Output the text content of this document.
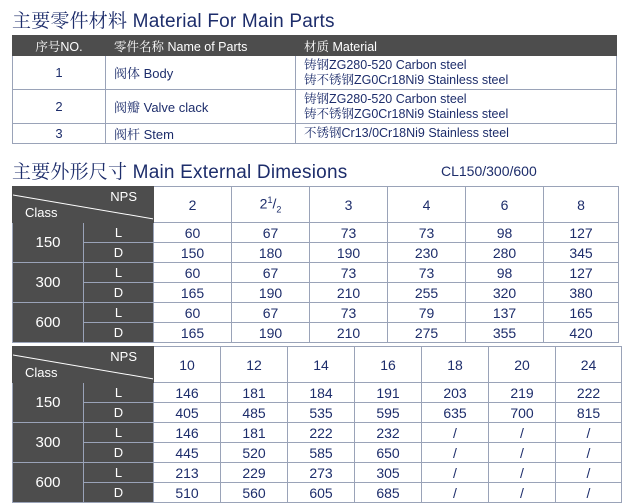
主要零件材料 Material For Main Parts
序号NO.	零件名称 Name of Parts	材质 Material
1	阀体 Body	铸钢ZG280-520 Carbon steel
铸不锈钢ZG0Cr18Ni9 Stainless steel

2	阀瓣 Valve clack	铸钢ZG280-520 Carbon steel
铸不锈钢ZG0Cr18Ni9 Stainless steel

3	阀杆 Stem	不锈钢Cr13/0Cr18Ni9 Stainless steel
主要外形尺寸 Main External Dimesions	CL150/300/600
NPS
Class		2	$2^1/_2$	3	4	6	8
150	L	60	67	73	73	98	127
	D	150	180	190	230	280	345
300	L	60	67	73	73	98	127
	D	165	190	210	255	320	380
600	L	60	67	73	79	137	165
	D	165	190	210	275	355	420
NPS
Class		10	12	14	16	18	20	24
150	L	146	181	184	191	203	219	222
	D	405	485	535	595	635	700	815
300	L	146	181	222	232	/	/	/
	D	445	520	585	650	/	/	/
600	L	213	229	273	305	/	/	/
	D	510	560	605	685	/	/	/
